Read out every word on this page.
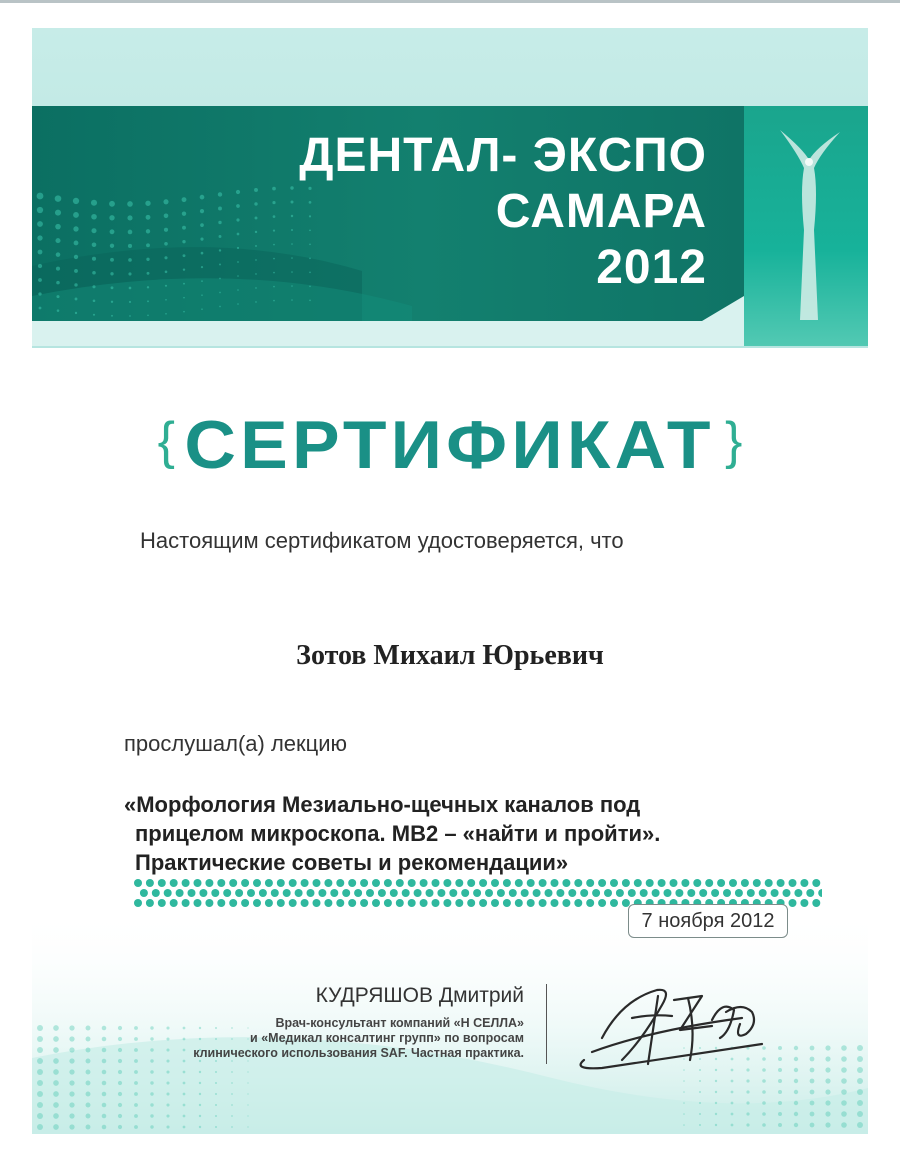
ДЕНТАЛ- ЭКСПО
САМАРА
2012
{ СЕРТИФИКАТ }
Настоящим сертификатом удостоверяется, что
Зотов Михаил Юрьевич
прослушал(а) лекцию
«Морфология Мезиально-щечных каналов под
прицелом микроскопа. MB2 – «найти и пройти».
Практические советы и рекомендации»
7 ноября 2012
КУДРЯШОВ Дмитрий
Врач-консультант компаний «Н СЕЛЛА»
и «Медикал консалтинг групп» по вопросам
клинического использования SAF. Частная практика.
